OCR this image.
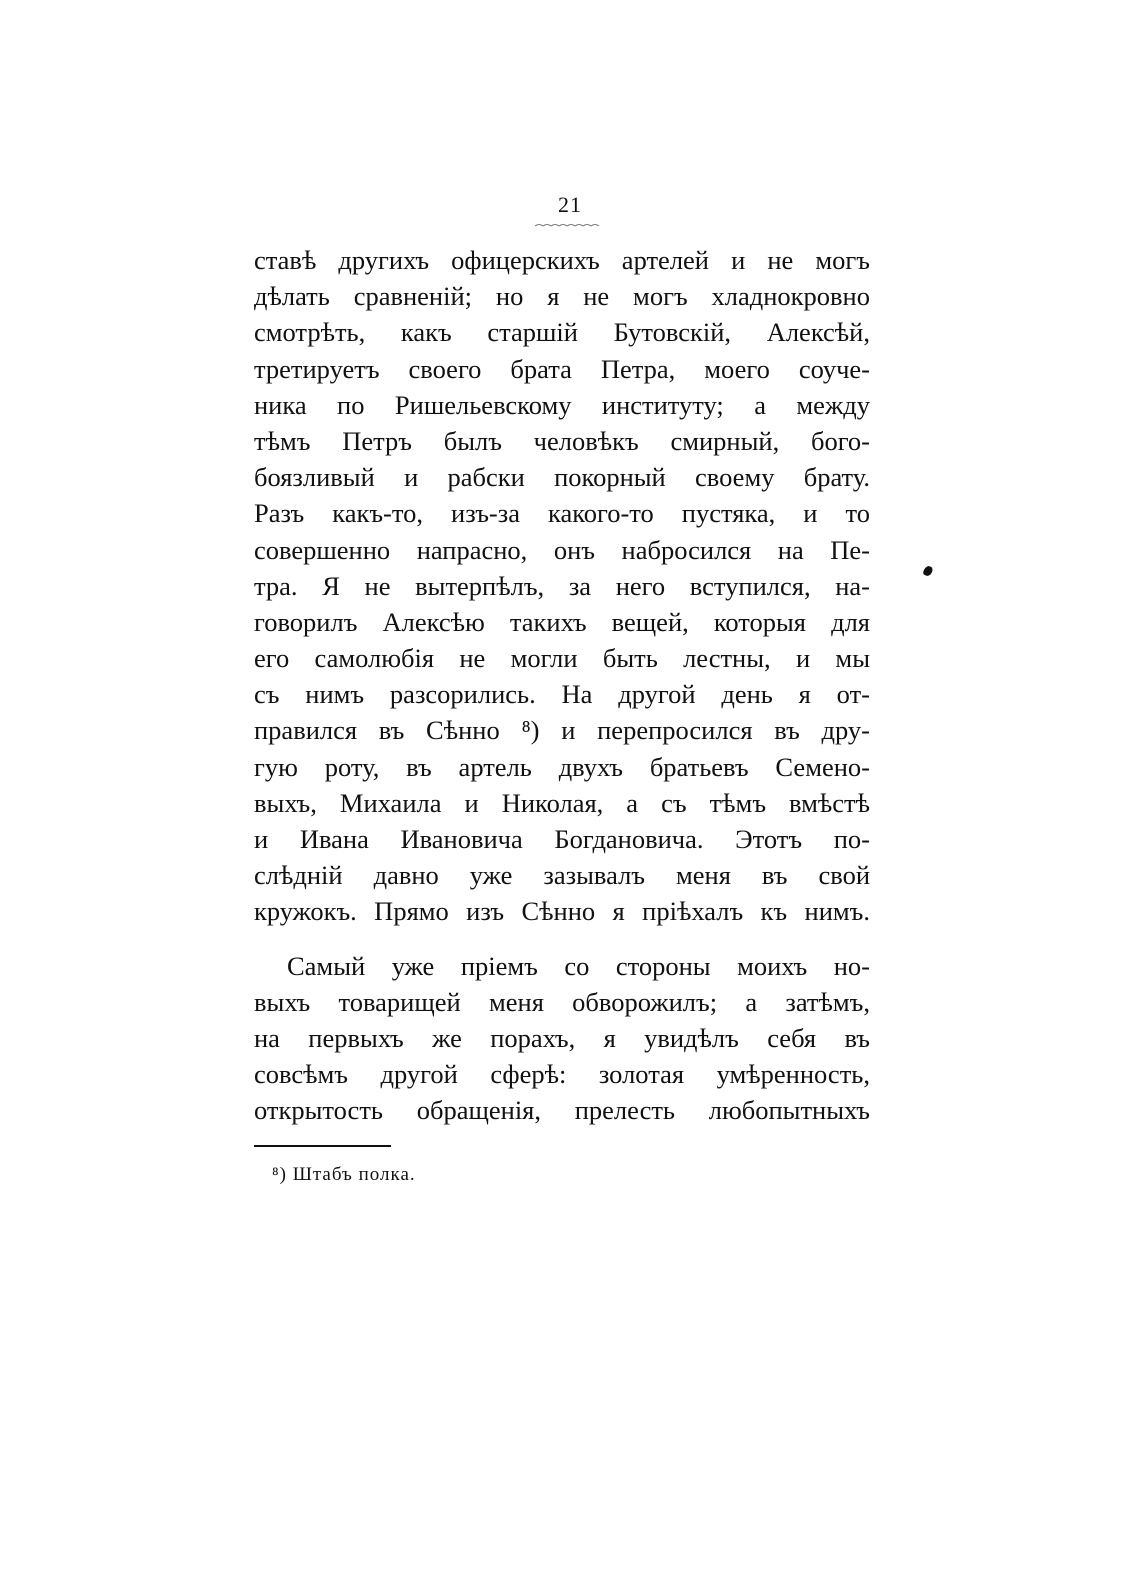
21
ставѣ другихъ офицерскихъ артелей и не могъ
дѣлать сравненій; но я не могъ хладнокровно
смотрѣть, какъ старшій Бутовскій, Алексѣй,
третируетъ своего брата Петра, моего соуче-
ника по Ришельевскому институту; а между
тѣмъ Петръ былъ человѣкъ смирный, бого-
боязливый и рабски покорный своему брату.
Разъ какъ-то, изъ-за какого-то пустяка, и то
совершенно напрасно, онъ набросился на Пе-
тра. Я не вытерпѣлъ, за него вступился, на-
говорилъ Алексѣю такихъ вещей, которыя для
его самолюбія не могли быть лестны, и мы
съ нимъ разсорились. На другой день я от-
правился въ Сѣнно ⁸) и перепросился въ дру-
гую роту, въ артель двухъ братьевъ Семено-
выхъ, Михаила и Николая, а съ тѣмъ вмѣстѣ
и Ивана Ивановича Богдановича. Этотъ по-
слѣдній давно уже зазывалъ меня въ свой
кружокъ. Прямо изъ Сѣнно я пріѣхалъ къ нимъ.
Самый уже пріемъ со стороны моихъ но-
выхъ товарищей меня обворожилъ; а затѣмъ,
на первыхъ же порахъ, я увидѣлъ себя въ
совсѣмъ другой сферѣ: золотая умѣренность,
открытость обращенія, прелесть любопытныхъ
⁸) Штабъ полка.
